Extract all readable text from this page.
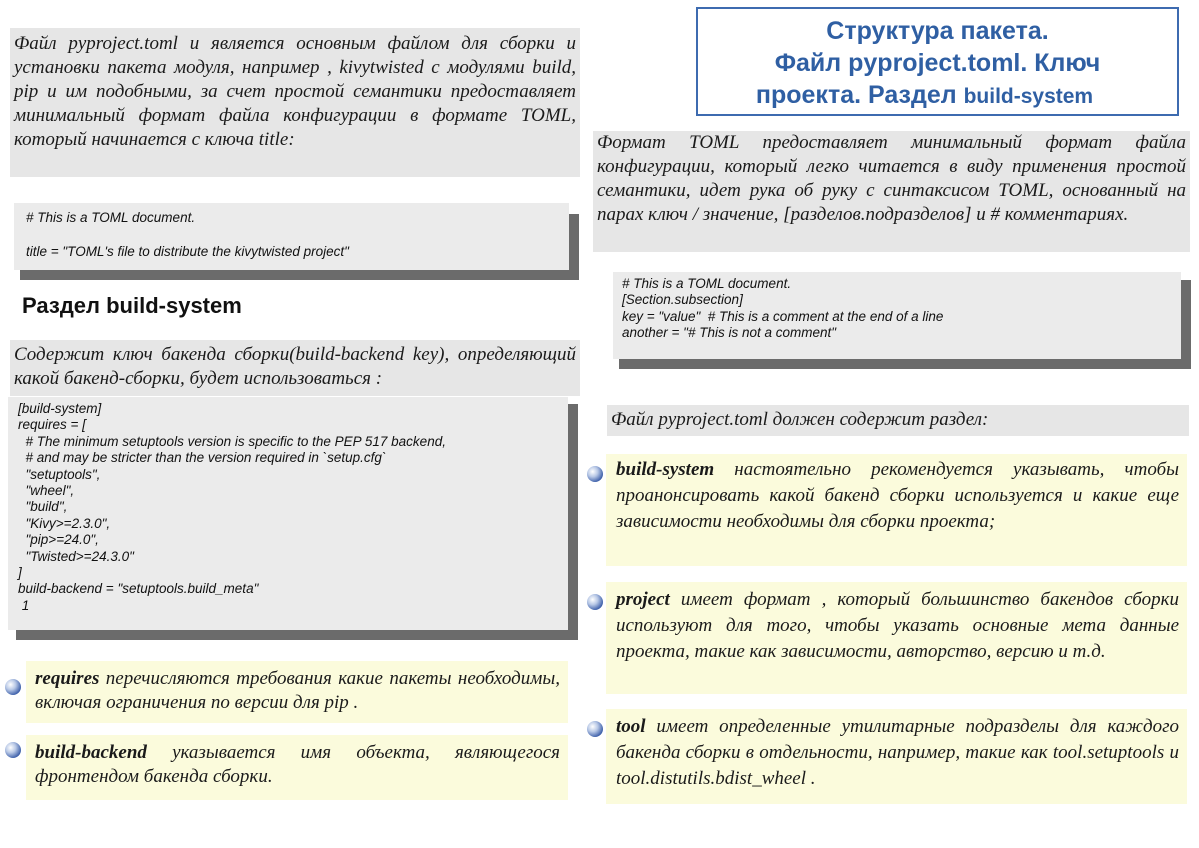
Файл pyproject.toml и является основным файлом для сборки и установки пакета модуля, например , kivytwisted с модулями build, pip и им подобными, за счет простой семантики предоставляет минимальный формат файла конфигурации в формате TOML, который начинается с ключа title:
# This is a TOML document.

title = "TOML's file to distribute the kivytwisted project"
Раздел build-system
Содержит ключ бакенда сборки(build-backend key), определяющий какой бакенд-сборки, будет использоваться :
[build-system]
requires = [
# The minimum setuptools version is specific to the PEP 517 backend,
# and may be stricter than the version required in `setup.cfg`
"setuptools",
"wheel",
"build",
"Kivy>=2.3.0",
"pip>=24.0",
"Twisted>=24.3.0"
]
build-backend = "setuptools.build_meta"
1
requires перечисляются требования какие пакеты необходимы, включая ограничения по версии для pip .
build-backend указывается имя объекта, являющегося фронтендом бакенда сборки.
Структура пакета.
Файл pyproject.toml. Ключ
проекта. Раздел build-system
Формат TOML предоставляет минимальный формат файла конфигурации, который легко читается в виду применения простой семантики, идет рука об руку с синтаксисом TOML, основанный на парах ключ / значение, [разделов.подразделов] и # комментариях.
# This is a TOML document.
[Section.subsection]
key = "value"  # This is a comment at the end of a line
another = "# This is not a comment"
Файл pyproject.toml должен содержит раздел:
build-system настоятельно рекомендуется указывать, чтобы проанонсировать какой бакенд сборки используется и какие еще зависимости необходимы для сборки проекта;
project имеет формат , который большинство бакендов сборки используют для того, чтобы указать основные мета данные проекта, такие как зависимости, авторство, версию и т.д.
tool имеет определенные утилитарные подразделы для каждого бакенда сборки в отдельности, например, такие как tool.setuptools и tool.distutils.bdist_wheel .
